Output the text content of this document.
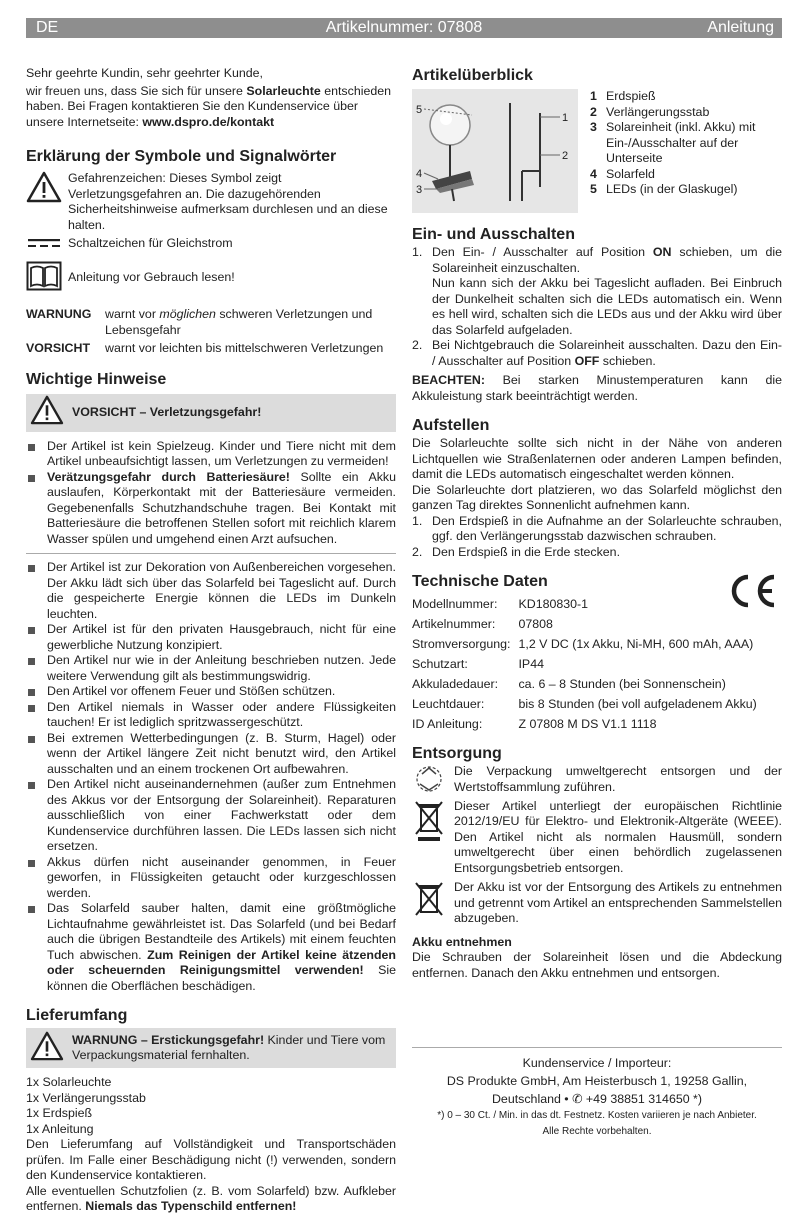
DE	Artikelnummer: 07808	Anleitung

Sehr geehrte Kundin, sehr geehrter Kunde,

wir freuen uns, dass Sie sich für unsere Solarleuchte entschieden haben. Bei Fragen kontaktieren Sie den Kundenservice über unsere Internetseite: www.dspro.de/kontakt

Erklärung der Symbole und Signalwörter

Gefahrenzeichen: Dieses Symbol zeigt Verletzungsgefahren an. Die dazugehörenden Sicherheitshinweise aufmerksam durchlesen und an diese halten.

Schaltzeichen für Gleichstrom

Anleitung vor Gebrauch lesen!

WARNUNG	warnt vor möglichen schweren Verletzungen und Lebensgefahr

VORSICHT	warnt vor leichten bis mittelschweren Verletzungen

Wichtige Hinweise
VORSICHT – Verletzungsgefahr!
Der Artikel ist kein Spielzeug. Kinder und Tiere nicht mit dem Artikel unbeaufsichtigt lassen, um Verletzungen zu vermeiden!
Verätzungsgefahr durch Batteriesäure! Sollte ein Akku auslaufen, Körperkontakt mit der Batteriesäure vermeiden. Gegebenenfalls Schutzhandschuhe tragen. Bei Kontakt mit Batteriesäure die betroffenen Stellen sofort mit reichlich klarem Wasser spülen und umgehend einen Arzt aufsuchen.
Der Artikel ist zur Dekoration von Außenbereichen vorgesehen. Der Akku lädt sich über das Solarfeld bei Tageslicht auf. Durch die gespeicherte Energie können die LEDs im Dunkeln leuchten.
Der Artikel ist für den privaten Hausgebrauch, nicht für eine gewerbliche Nutzung konzipiert.
Den Artikel nur wie in der Anleitung beschrieben nutzen. Jede weitere Verwendung gilt als bestimmungswidrig.
Den Artikel vor offenem Feuer und Stößen schützen.
Den Artikel niemals in Wasser oder andere Flüssigkeiten tauchen! Er ist lediglich spritzwassergeschützt.
Bei extremen Wetterbedingungen (z. B. Sturm, Hagel) oder wenn der Artikel längere Zeit nicht benutzt wird, den Artikel ausschalten und an einem trockenen Ort aufbewahren.
Den Artikel nicht auseinandernehmen (außer zum Entnehmen des Akkus vor der Entsorgung der Solareinheit). Reparaturen ausschließlich von einer Fachwerkstatt oder dem Kundenservice durchführen lassen. Die LEDs lassen sich nicht ersetzen.
Akkus dürfen nicht auseinander genommen, in Feuer geworfen, in Flüssigkeiten getaucht oder kurzgeschlossen werden.
Das Solarfeld sauber halten, damit eine größtmögliche Lichtaufnahme gewährleistet ist. Das Solarfeld (und bei Bedarf auch die übrigen Bestandteile des Artikels) mit einem feuchten Tuch abwischen. Zum Reinigen der Artikel keine ätzenden oder scheuernden Reinigungsmittel verwenden! Sie können die Oberflächen beschädigen.
Lieferumfang

WARNUNG – Erstickungsgefahr! Kinder und Tiere vom Verpackungsmaterial fernhalten.

1x Solarleuchte

1x Verlängerungsstab

1x Erdspieß

1x Anleitung

Den Lieferumfang auf Vollständigkeit und Transportschäden prüfen. Im Falle einer Beschädigung nicht (!) verwenden, sondern den Kundenservice kontaktieren.

Alle eventuellen Schutzfolien (z. B. vom Solarfeld) bzw. Aufkleber entfernen. Niemals das Typenschild entfernen!

Artikelüberblick
5
1
2
4
3
1 Erdspieß
2 Verlängerungsstab
3 Solareinheit (inkl. Akku) mit Ein-/Ausschalter auf der Unterseite
4 Solarfeld
5 LEDs (in der Glaskugel)
Ein- und Ausschalten
1. Den Ein- / Ausschalter auf Position ON schieben, um die Solareinheit einzuschalten.
Nun kann sich der Akku bei Tageslicht aufladen. Bei Einbruch der Dunkelheit schalten sich die LEDs automatisch ein. Wenn es hell wird, schalten sich die LEDs aus und der Akku wird über das Solarfeld aufgeladen.
2. Bei Nichtgebrauch die Solareinheit ausschalten. Dazu den Ein- / Ausschalter auf Position OFF schieben.

BEACHTEN: Bei starken Minustemperaturen kann die Akkuleistung stark beeinträchtigt werden.

Aufstellen

Die Solarleuchte sollte sich nicht in der Nähe von anderen Lichtquellen wie Straßenlaternen oder anderen Lampen befinden, damit die LEDs automatisch eingeschaltet werden können.

Die Solarleuchte dort platzieren, wo das Solarfeld möglichst den ganzen Tag direktes Sonnenlicht aufnehmen kann.

1. Den Erdspieß in die Aufnahme an der Solarleuchte schrauben, ggf. den Verlängerungsstab dazwischen schrauben.
2. Den Erdspieß in die Erde stecken.
Technische Daten
Modellnummer:	KD180830-1
Artikelnummer:	07808
Stromversorgung:	1,2 V DC (1x Akku, Ni-MH, 600 mAh, AAA)
Schutzart:	IP44
Akkuladedauer:	ca. 6 – 8 Stunden (bei Sonnenschein)
Leuchtdauer:	bis 8 Stunden (bei voll aufgeladenem Akku)
ID Anleitung:	Z 07808 M DS V1.1 1118
Entsorgung

Die Verpackung umweltgerecht entsorgen und der Wertstoffsammlung zuführen.

Dieser Artikel unterliegt der europäischen Richtlinie 2012/19/EU für Elektro- und Elektronik-Altgeräte (WEEE). Den Artikel nicht als normalen Hausmüll, sondern umweltgerecht über einen behördlich zugelassenen Entsorgungsbetrieb entsorgen.

Der Akku ist vor der Entsorgung des Artikels zu entnehmen und getrennt vom Artikel an entsprechenden Sammelstellen abzugeben.

Akku entnehmen

Die Schrauben der Solareinheit lösen und die Abdeckung entfernen. Danach den Akku entnehmen und entsorgen.

Kundenservice / Importeur:
DS Produkte GmbH, Am Heisterbusch 1, 19258 Gallin,
Deutschland • ✆ +49 38851 314650 *)
*) 0 – 30 Ct. / Min. in das dt. Festnetz. Kosten variieren je nach Anbieter.
Alle Rechte vorbehalten.
